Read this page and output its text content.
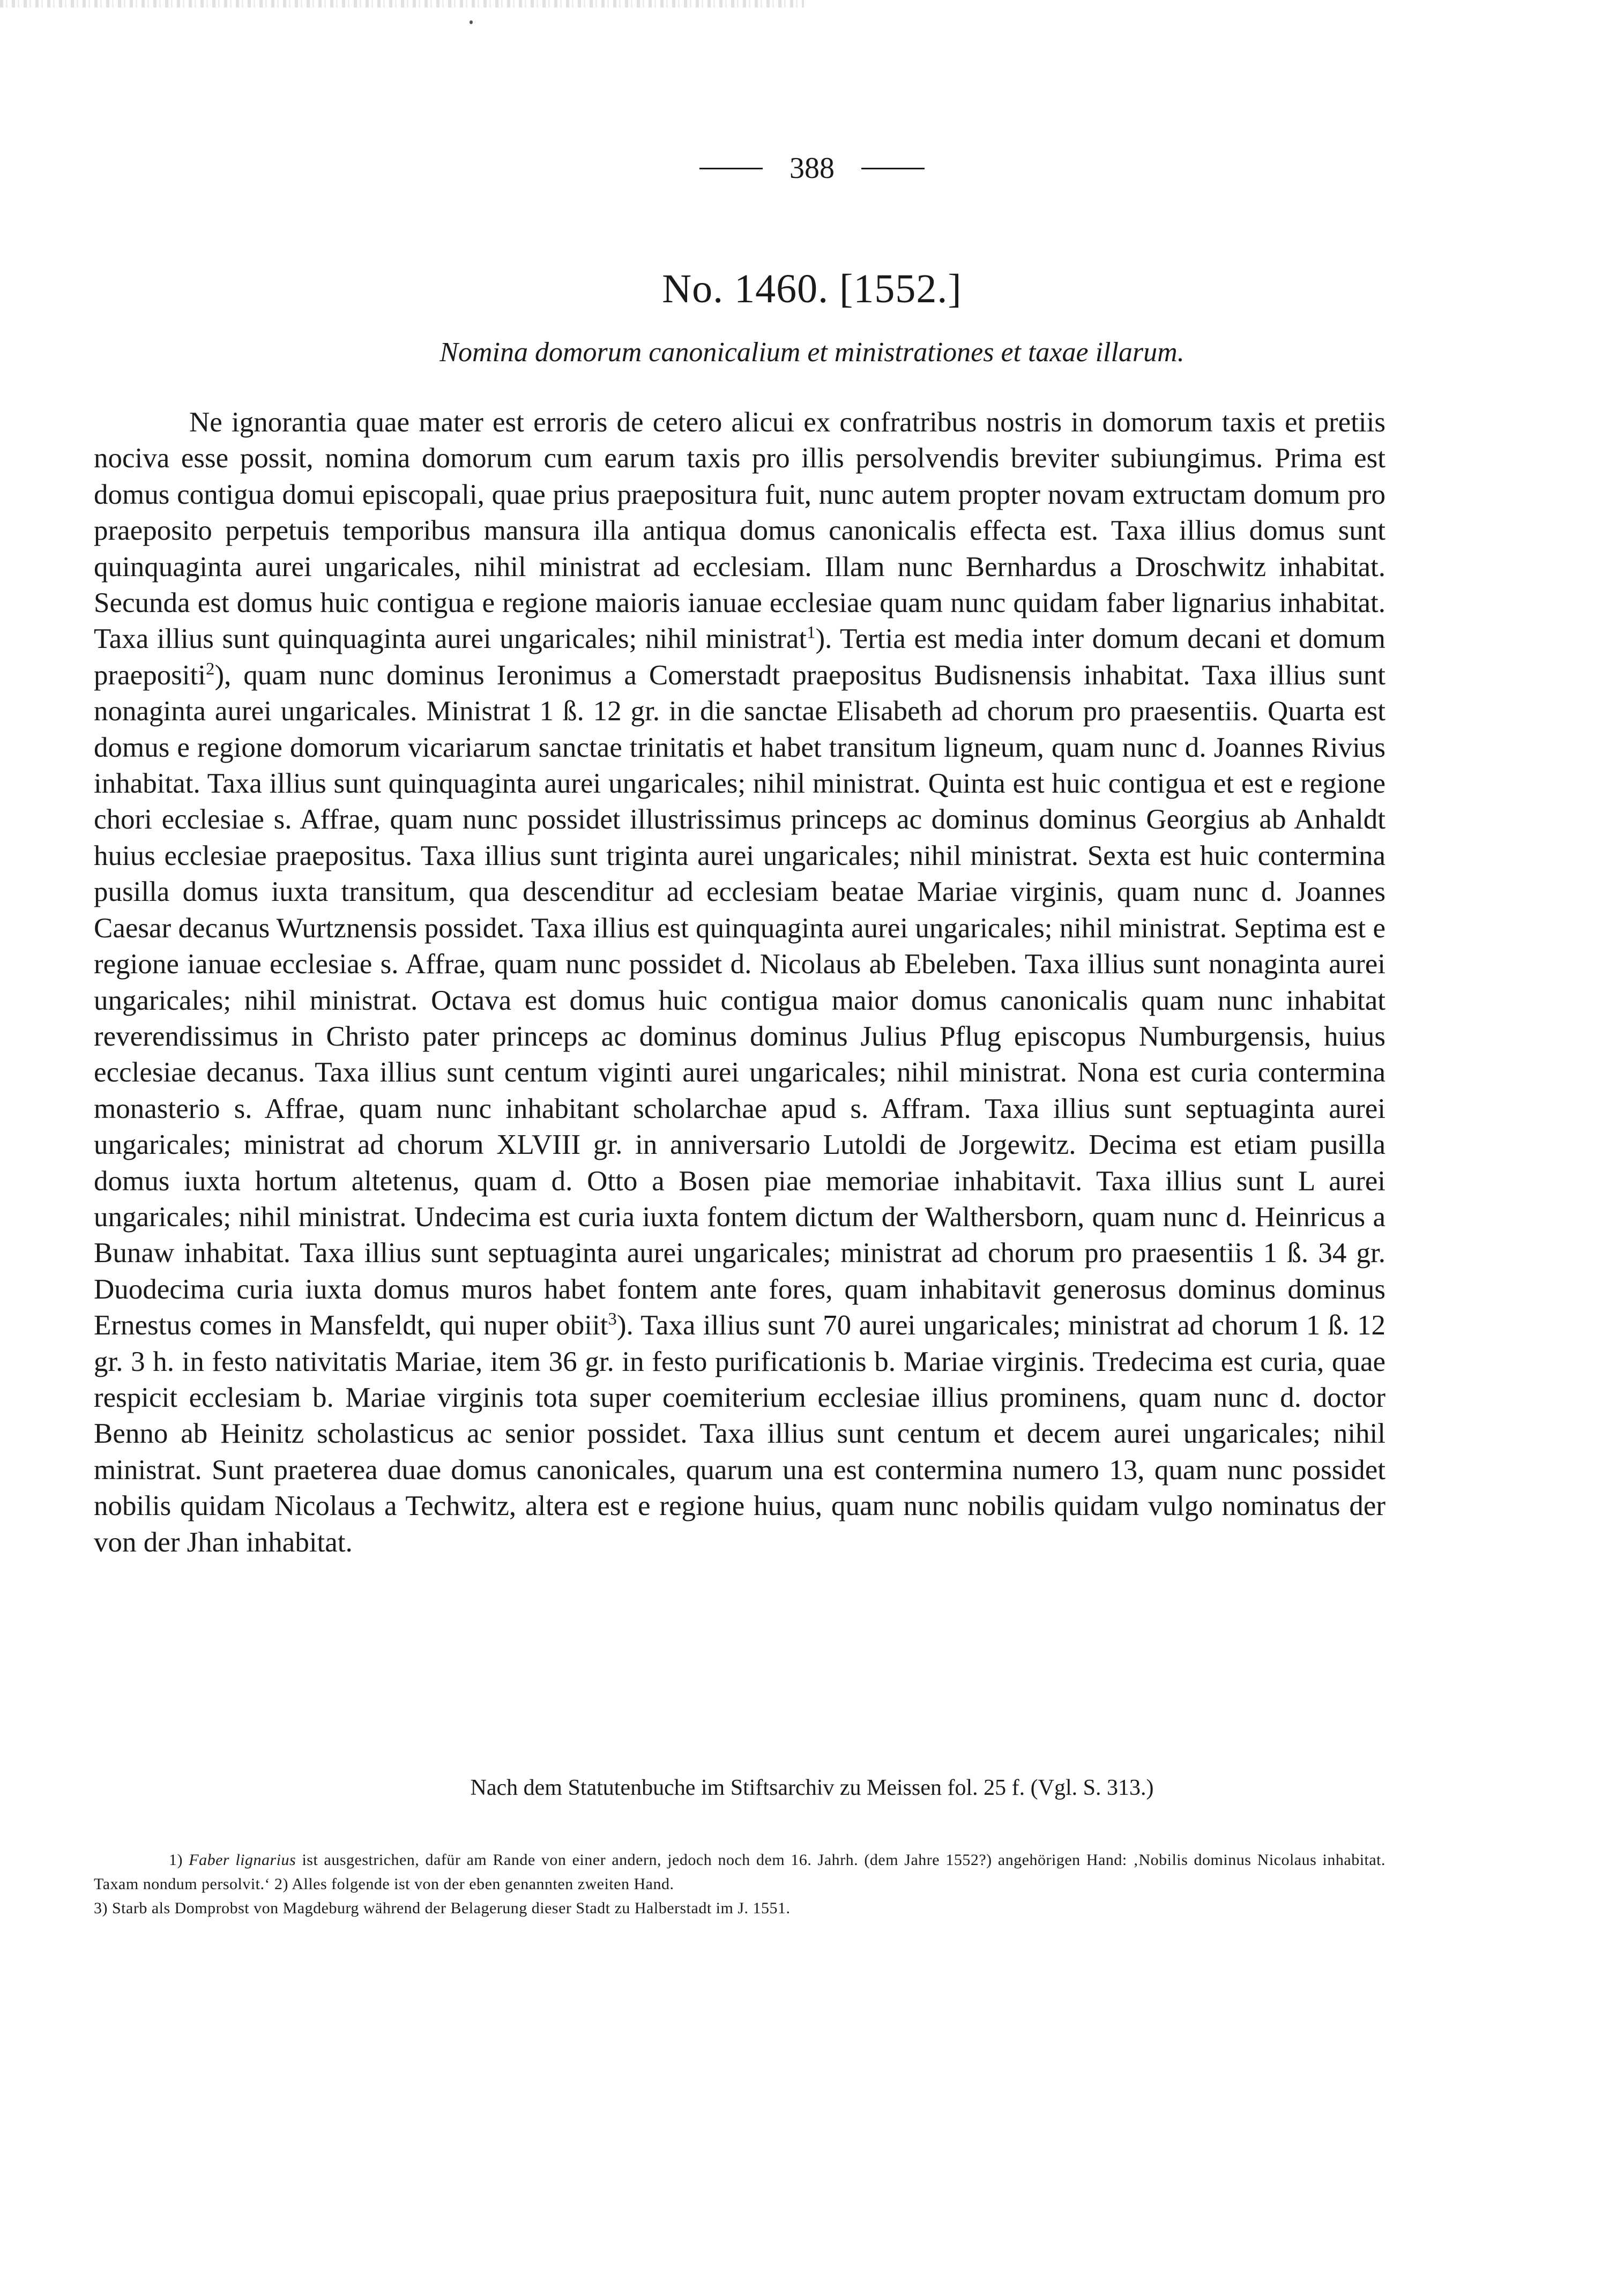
388
No. 1460. [1552.]
Nomina domorum canonicalium et ministrationes et taxae illarum.

Ne ignorantia quae mater est erroris de cetero alicui ex confratribus nostris in domorum taxis et pretiis nociva esse possit, nomina domorum cum earum taxis pro illis persolvendis breviter subiungimus. Prima est domus contigua domui episcopali, quae prius praepositura fuit, nunc autem propter novam extructam domum pro praeposito perpetuis temporibus mansura illa antiqua domus canonicalis effecta est. Taxa illius domus sunt quinquaginta aurei ungaricales, nihil ministrat ad ecclesiam. Illam nunc Bernhardus a Droschwitz inhabitat. Secunda est domus huic contigua e regione maioris ianuae ecclesiae quam nunc quidam faber lignarius inhabitat. Taxa illius sunt quinquaginta aurei ungaricales; nihil ministrat$^1$). Tertia est media inter domum decani et domum praepositi$^2$), quam nunc dominus Ieronimus a Comerstadt praepositus Budisnensis inhabitat. Taxa illius sunt nonaginta aurei ungaricales. Ministrat 1 ß. 12 gr. in die sanctae Elisabeth ad chorum pro praesentiis. Quarta est domus e regione domorum vicariarum sanctae trinitatis et habet transitum ligneum, quam nunc d. Joannes Rivius inhabitat. Taxa illius sunt quinquaginta aurei ungaricales; nihil ministrat. Quinta est huic contigua et est e regione chori ecclesiae s. Affrae, quam nunc possidet illustrissimus princeps ac dominus dominus Georgius ab Anhaldt huius ecclesiae praepositus. Taxa illius sunt triginta aurei ungaricales; nihil ministrat. Sexta est huic contermina pusilla domus iuxta transitum, qua descenditur ad ecclesiam beatae Mariae virginis, quam nunc d. Joannes Caesar decanus Wurtznensis possidet. Taxa illius est quinquaginta aurei ungaricales; nihil ministrat. Septima est e regione ianuae ecclesiae s. Affrae, quam nunc possidet d. Nicolaus ab Ebeleben. Taxa illius sunt nonaginta aurei ungaricales; nihil ministrat. Octava est domus huic contigua maior domus canonicalis quam nunc inhabitat reverendissimus in Christo pater princeps ac dominus dominus Julius Pflug episcopus Numburgensis, huius ecclesiae decanus. Taxa illius sunt centum viginti aurei ungaricales; nihil ministrat. Nona est curia contermina monasterio s. Affrae, quam nunc inhabitant scholarchae apud s. Affram. Taxa illius sunt septuaginta aurei ungaricales; ministrat ad chorum XLVIII gr. in anniversario Lutoldi de Jorgewitz. Decima est etiam pusilla domus iuxta hortum altetenus, quam d. Otto a Bosen piae memoriae inhabitavit. Taxa illius sunt L aurei ungaricales; nihil ministrat. Undecima est curia iuxta fontem dictum der Walthersborn, quam nunc d. Heinricus a Bunaw inhabitat. Taxa illius sunt septuaginta aurei ungaricales; ministrat ad chorum pro praesentiis 1 ß. 34 gr. Duodecima curia iuxta domus muros habet fontem ante fores, quam inhabitavit generosus dominus dominus Ernestus comes in Mansfeldt, qui nuper obiit$^3$). Taxa illius sunt 70 aurei ungaricales; ministrat ad chorum 1 ß. 12 gr. 3 h. in festo nativitatis Mariae, item 36 gr. in festo purificationis b. Mariae virginis. Tredecima est curia, quae respicit ecclesiam b. Mariae virginis tota super coemiterium ecclesiae illius prominens, quam nunc d. doctor Benno ab Heinitz scholasticus ac senior possidet. Taxa illius sunt centum et decem aurei ungaricales; nihil ministrat. Sunt praeterea duae domus canonicales, quarum una est contermina numero 13, quam nunc possidet nobilis quidam Nicolaus a Techwitz, altera est e regione huius, quam nunc nobilis quidam vulgo nominatus der von der Jhan inhabitat.

Nach dem Statutenbuche im Stiftsarchiv zu Meissen fol. 25 f. (Vgl. S. 313.)

1) Faber lignarius ist ausgestrichen, dafür am Rande von einer andern, jedoch noch dem 16. Jahrh. (dem Jahre 1552?) angehörigen Hand: ‚Nobilis dominus Nicolaus inhabitat. Taxam nondum persolvit.‘ 2) Alles folgende ist von der eben genannten zweiten Hand.
3) Starb als Domprobst von Magdeburg während der Belagerung dieser Stadt zu Halberstadt im J. 1551.
